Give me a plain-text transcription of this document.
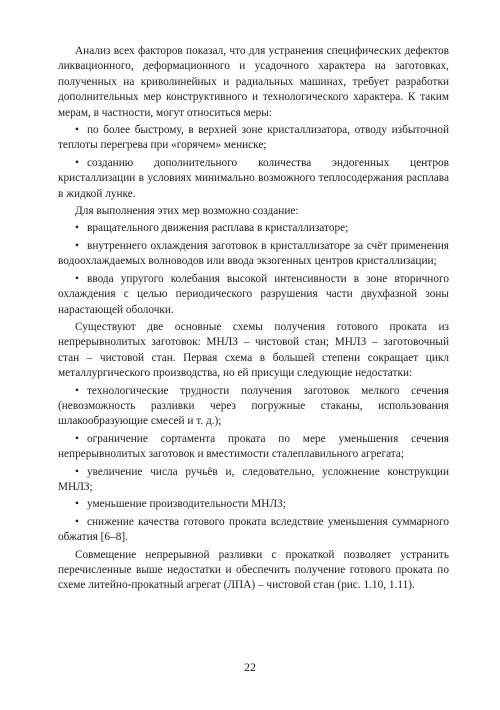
Анализ всех факторов показал, что для устранения специфических дефектов ликвационного, деформационного и усадочного характера на заготовках, полученных на криволинейных и радиальных машинах, требует разработки дополнительных мер конструктивного и технологического характера. К таким мерам, в частности, могут относиться меры:

• по более быстрому, в верхней зоне кристаллизатора, отводу избыточной теплоты перегрева при «горячем» мениске;

• созданию дополнительного количества эндогенных центров кристаллизации в условиях минимально возможного теплосодержания расплава в жидкой лунке.

Для выполнения этих мер возможно создание:

• вращательного движения расплава в кристаллизаторе;

• внутреннего охлаждения заготовок в кристаллизаторе за счёт применения водоохлаждаемых волноводов или ввода экзогенных центров кристаллизации;

• ввода упругого колебания высокой интенсивности в зоне вторичного охлаждения с целью периодического разрушения части двухфазной зоны нарастающей оболочки.

Существуют две основные схемы получения готового проката из непрерывнолитых заготовок: МНЛЗ – чистовой стан; МНЛЗ – заготовочный стан – чистовой стан. Первая схема в большей степени сокращает цикл металлургического производства, но ей присущи следующие недостатки:

• технологические трудности получения заготовок мелкого сечения (невозможность разливки через погружные стаканы, использования шлакообразующие смесей и т. д.);

• ограничение сортамента проката по мере уменьшения сечения непрерывнолитых заготовок и вместимости сталеплавильного агрегата;

• увеличение числа ручьёв и, следовательно, усложнение конструкции МНЛЗ;

• уменьшение производительности МНЛЗ;

• снижение качества готового проката вследствие уменьшения суммарного обжатия [6–8].

Совмещение непрерывной разливки с прокаткой позволяет устранить перечисленные выше недостатки и обеспечить получение готового проката по схеме литейно-прокатный агрегат (ЛПА) – чистовой стан (рис. 1.10, 1.11).

22
